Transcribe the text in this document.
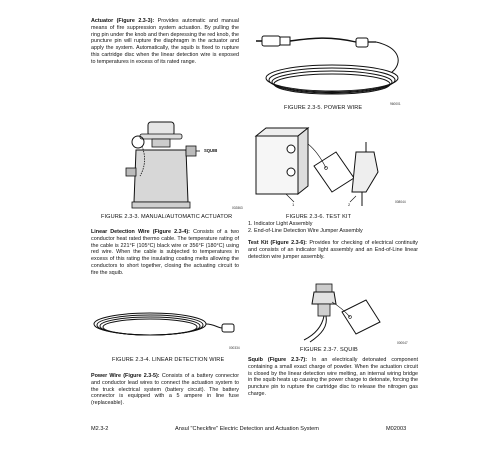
Actuator (Figure 2.3-3): Provides automatic and manual means of fire suppression system actuation. By pulling the ring pin under the knob and then depressing the red knob, the puncture pin will rupture the diaphragm in the actuator and apply the system. Automatically, the squib is fixed to rupture this cartridge disc when the linear detection wire is exposed to temperatures in excess of its rated range.
960001
FIGURE 2.3-5. POWER WIRE
SQUIB
002863
FIGURE 2.3-3. MANUAL/AUTOMATIC ACTUATOR
1	2	008044
FIGURE 2.3-6. TEST KIT
1. Indicator Light Assembly
2. End-of-Line Detection Wire Jumper Assembly
Linear Detection Wire (Figure 2.3-4): Consists of a two conductor heat rated thermo cable. The temperature rating of the cable is 221°F (105°C) black wire or 356°F (180°C) using red wire. When the cable is subjected to temperatures in excess of this rating the insulating coating melts allowing the conductors to short together, closing the actuating circuit to fire the squib.
Test Kit (Figure 2.3-6): Provides for checking of electrical continuity and consists of an indicator light assembly and an End-of-Line linear detection wire jumper assembly.
000334
FIGURE 2.3-4. LINEAR DETECTION WIRE
000047
FIGURE 2.3-7. SQUIB
Power Wire (Figure 2.3-5): Consists of a battery connector and conductor lead wires to connect the actuation system to the truck electrical system (battery circuit). The battery connector is equipped with a 5 ampere in line fuse (replaceable).
Squib (Figure 2.3-7): In an electrically detonated component containing a small exact charge of powder. When the actuation circuit is closed by the linear detection wire melting, an internal wiring bridge in the squib heats up causing the power charge to detonate, forcing the puncture pin to rupture the cartridge disc to release the nitrogen gas charge.
M2.3-2	Ansul "Checkfire" Electric Detection and Actuation System	M02003
